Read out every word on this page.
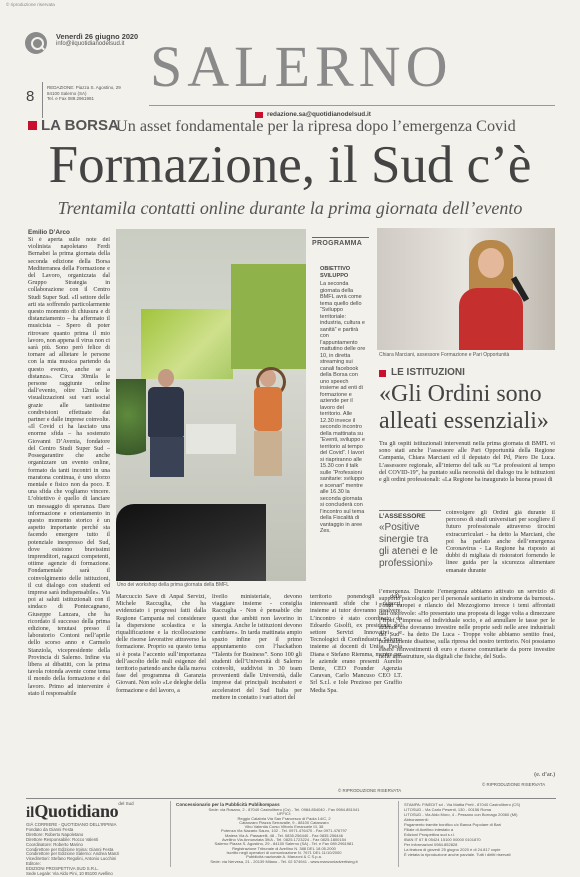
© riproduzione riservata
Venerdì 26 giugno 2020
info@ilquotidianodelsud.it
8
REDAZIONE: Piazza S. Agostino, 29
84100 Salerno (SA)
Tel. e Fax 089.2961981 SALERNO
redazione.sa@quotidianodelsud.it
LA BORSA
Un asset fondamentale per la ripresa dopo l’emergenza Covid
Formazione, il Sud c’è
Trentamila contatti online durante la prima giornata dell’evento
Emilio D’Arco
Si è aperta sulle note del violinista napoletano Ferdi Bernabei la prima giornata della seconda edizione della Borsa Mediterranea della Formazione e del Lavoro, organizzata dal Gruppo Strategia in collaborazione con il Centro Studi Super Sud. «Il settore delle arti sta soffrendo particolarmente questo momento di chiusura e di distanziamento – ha affermato il musicista – Spero di poter ritrovare quanto prima il mio lavoro, non appena il virus non ci sarà più. Sono però felice di tornare ad allietare le persone con la mia musica partendo da questo evento, anche se a distanza». Circa 30mila le persone raggiunte online dall’evento, oltre 12mila le visualizzazioni sui vari social grazie alle tantissime condivisioni effettuate dai partner e dalle imprese coinvolte. «Il Covid ci ha lasciato una enorme sfida – ha sostenuto Giovanni D’Avenia, fondatore del Centro Studi Super Sud – Possegarantire che anche organizzare un evento online, formato da tanti incontri in una maratona continua, è uno sforzo mentale e fisico non da poco. E una sfida che vogliamo vincere. L’obiettivo è quello di lanciare un messaggio di speranza. Dare informazione e orientamento in questo momento storico è un aspetto importante perché sta facendo emergere tutto il potenziale inespresso del Sud, dove esistono bravissimi imprenditori, ragazzi competenti, ottime agenzie di formazione. Fondamentale sarà il coinvolgimento delle istituzioni, il cui dialogo con studenti ed imprese sarà indispensabile». Via poi ai saluti istituzionali con il sindaco di Pontecagnano, Giuseppe Lanzara, che ha ricordato il successo della prima edizione, tenutasi presso il laboratorio Contoni nell’aprile dello scorso anno e Carmelo Stanziola, vicepresidente della Provincia di Salerno. Infine via libera ai dibattiti, con la prima tavola rotonda avente come tema il mondo della formazione e del lavoro. Primo ad intervenire è stato il responsabile
Uno dei workshop della prima giornata della BMFL
Marcuccio Save di Anpal Servizi, Michele Raccuglia, che ha evidenziato i progressi fatti dalla Regione Campania nel considerare la dispersione scolastica e la riqualificazione e la ricollocazione delle risorse lavorative attraverso la formazione. Proprio su questo tema si è posta l’accento sull’importanza dell’ascolto delle reali esigenze del territorio partendo anche dalla nuova fase del programma di Garanzia Giovani. Non solo «Le deleghe della formazione e del lavoro, a
livello ministeriale, devono viaggiare insieme - consiglia Raccuglia - Non è pensabile che questi due ambiti non lavorino in sinergia. Anche le istituzioni devono cambiare». In tarda mattinata ampio spazio infine per il primo appuntamento con l’hackathon “Talents for Business”. Sono 100 gli studenti dell’Università di Salerno coinvolti, suddivisi in 30 team provenienti dalle Università, dalle imprese dai principali incubatori e acceleratori del Sud Italia per mettere in contatto i vari attori del
PROGRAMMA
OBIETTIVO SVILUPPO
La seconda giornata della BMFL avrà come tema quello dello “Sviluppo territoriale: industria, cultura e sanità” e partirà con l’appuntamento mattutino delle ore 10, in diretta streaming sui canali facebook della Borsa con uno speech insieme ad enti di formazione e aziende per il lavoro del territorio. Alle 12.30 invece il secondo incontro della mattinata su “Eventi, sviluppo e territorio al tempo del Covid”. I lavori si riapriranno alle 15.30 con il talk sulle “Professioni sanitarie: sviluppo e scenari” mentre alle 16.30 la seconda giornata si concluderà con l’incontro sul tema della Fiscalità di vantaggio in aree Zes.
territorio ponendogli delle interessanti sfide che i ragazzi, insieme ai tutor dovranno risolvere. L’incontro è stato coordinato da Edoardo Gisolfi, ex presidente del settore Servizi Innovativi e Tecnologici di Confindustria Salerno insieme ai docenti di Unisa, Paola Diana e Stefano Riemma, mentre per le aziende erano presenti Aurelio Dente, CEO Founder Agenzia Caravan, Carlo Mancuso CEO LT. Srl S.r.l. e Iole Prezioso per Graffio Media Spa.
© RIPRODUZIONE RISERVATA
Chiara Marciani, assessore Formazione e Pari Opportunità
LE ISTITUZIONI
«Gli Ordini sono alleati essenziali»
Tra gli ospiti istituzionali intervenuti nella prima giornata di BMFL vi sono stati anche l’assessore alle Pari Opportunità della Regione Campania, Chiara Marciani ed il deputato del Pd, Piero De Luca. L’assessore regionale, all’interno del talk su “Le professioni al tempo del COVID-19”, ha puntato sulla necessità del dialogo tra le istituzioni e gli ordini professionali: «La Regione ha inaugurato la buona prassi di
L’ASSESSORE
«Positive sinergie tra gli atenei e le professioni»
coinvolgere gli Ordini già durante il percorso di studi universitari per scegliere il futuro professionale attraverso tirocini extracurriculari - ha detto la Marciani, che poi ha parlato anche dell’emergenza Coronavirus - La Regione ha risposto ai dubbi di migliaia di ristoratori fornendo le linee guida per la sicurezza alimentare emanate durante
l’emergenza. Durante l’emergenza abbiamo attivato un servizio di supporto psicologico per il personale sanitario in sindrome da burnout». Fondi europei e rilancio del Mezzogiorno invece i temi affrontati dall’onorevole: «Ho presentato una proposta di legge volta a dimezzare l’Irpef, l’impresa ed individuale socio, e ad annullare le tasse per le aziende che dovranno investire nelle proprie sedi nelle aree industriali del Sud - ha detto De Luca - Troppe volte abbiamo sentito frasi, puntualmente disattese, sulla ripresa del nostro territorio. Noi possiamo essere reinvestimenti di euro e risorse comunitarie da porre investire nelle infrastrutture, sia digitali che fisiche, del Sud».
(e. d’ar.)
© RIPRODUZIONE RISERVATA
ilQuotidiano$^{del Sud}$
GIÀ CORRIERE - QUOTIDIANO DELL’IRPINIA
Fondato da Gianni Festa
Direttore: Roberto Napoletano
Direttore Responsabile: Rocco Valenti
Coordinatore: Roberto Marino
Condirettore per Edizione Irpina: Gianni Festa
Condirettore per Edizione Salerno: Andrea Manzi
Vicedirettori: Stefano Regolini, Antonio Lucchini
Editore:
EDIZIONI PROSPETTIVA SUD S.R.L.
Sede Legale: Via Aldo Pini, 10 85100 Avellino
Concessionario per la Pubblicità Publikompass
Sede: via Rosano, 2 - 87040 Castrolibero (Cs) - Tel. 0984.854040 - Fax 0984.851041
UFFICI:
Reggio Calabria Via San Francesco di Paola 14/C, 2
Catanzaro Piazza Serravalle, 9 - 88100 Catanzaro
Vibo Valentia Corso Vittorio Emanuele III, 38
Potenza Via Nazario Sauro, 102 - Tel. 0971.476470 - Fax 0971.476797
Matera Via A. Passarelli, 48 - Tel. 0835.256440 - Fax 0835.256446
Avellino Via Annunziata 39/A - Tel. 0825.1723224 - Fax 0825.1800154
Salerno Piazza S. Agostino, 29 - 84100 Salerno (SA) - Tel. e Fax 089.2961981
Registrazione Tribunale di Avellino N. 388 DEL 18.05.2000
Iscritto negli operatori di comunicazione N. 7671 DEL 11/10/2000
Pubblicità nazionale A. Manzoni & C S.p.a.
Sede: via Nervesa, 21 - 20139 Milano - Tel. 02 574941 - www.manzoniadvertising.it
STAMPA: FINEDIT srl - Via Mattia Preti - 87040 Castrolibero (CS)
LITOSUD - Via Carlo Pesenti, 130 - 00156 Roma
LITOSUD - Via Aldo Moro, 4 - Pessano con Bornago 20060 (MI)
Abbonamenti:
Pagamento tramite bonifico c/c Banca Popolare di Bari
Filiale di Avellino intestato a
Edizioni Prospettiva sud s.r.l.
IBAN IT 67 B 05424 15100 00000 0101870
Per informazioni 0984.852828
La tiratura di giovedì 25 giugno 2020 è di 24.817 copie
È vietata la riproduzione anche parziale. Tutti i diritti riservati
